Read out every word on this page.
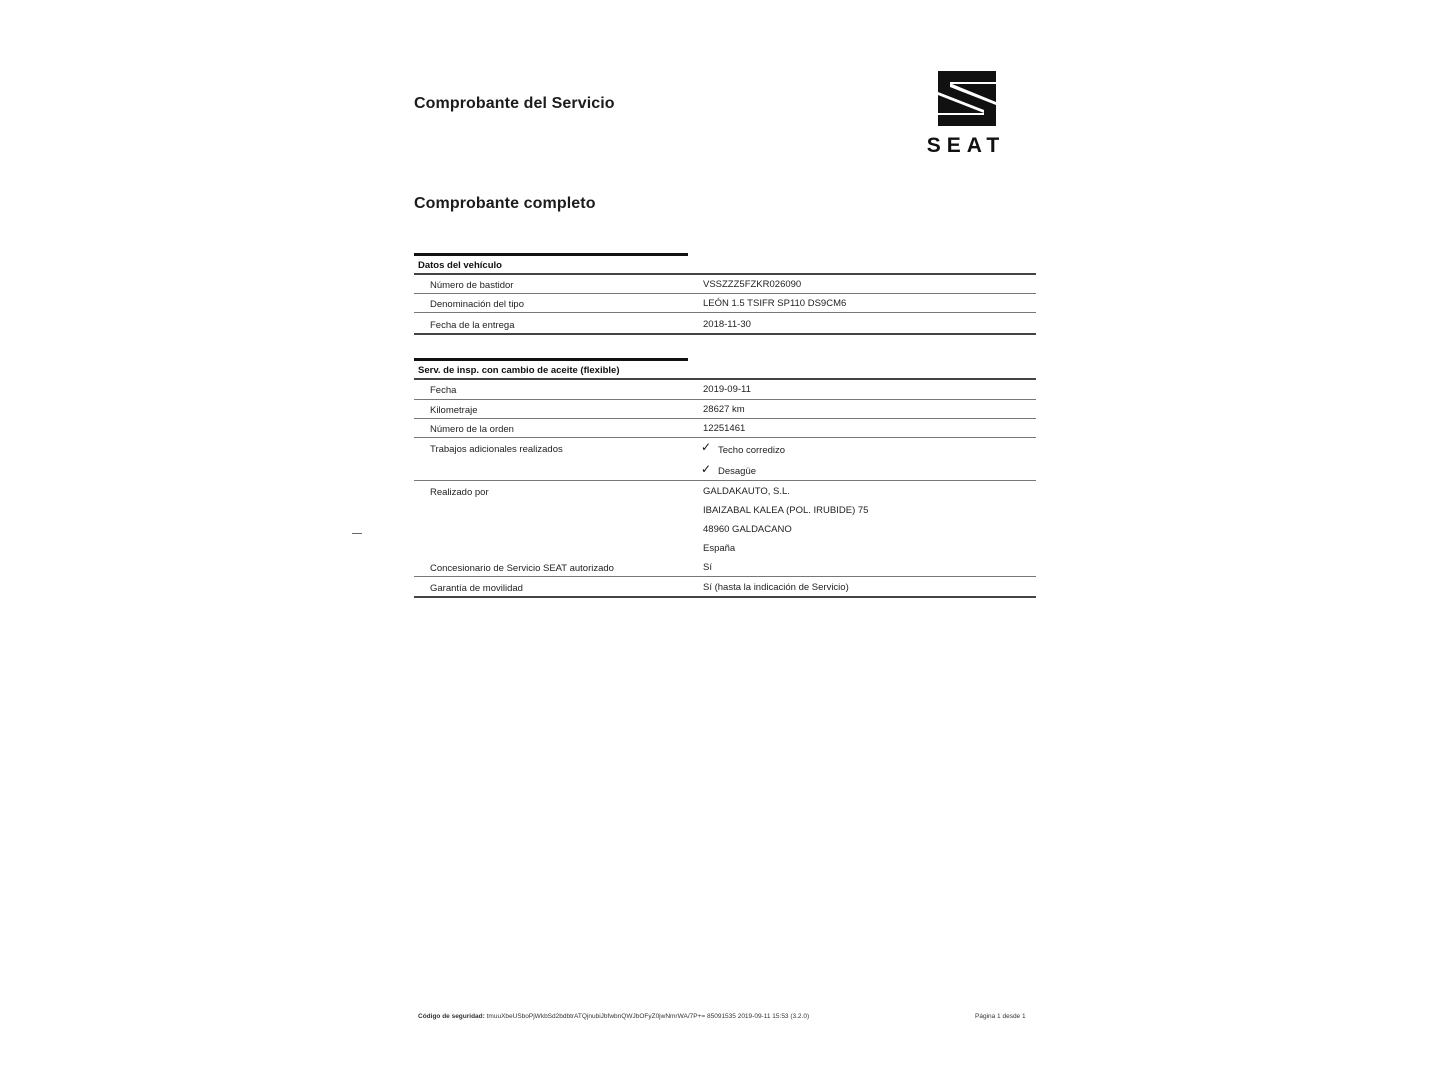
Comprobante del Servicio
SEAT
Comprobante completo
Datos del vehículo
Número de bastidor	VSSZZZ5FZKR026090
Denominación del tipo	LEÓN 1.5 TSIFR SP110 DS9CM6
Fecha de la entrega	2018-11-30
Serv. de insp. con cambio de aceite (flexible)
Fecha	2019-09-11
Kilometraje	28627 km
Número de la orden	12251461
Trabajos adicionales realizados	✓ Techo corredizo
✓ Desagüe
Realizado por	GALDAKAUTO, S.L.
IBAIZABAL KALEA (POL. IRUBIDE) 75
48960 GALDACANO
España
Concesionario de Servicio SEAT autorizado	Sí
Garantía de movilidad	Sí (hasta la indicación de Servicio)
Código de seguridad: tmuuXbeUSboPjWkbSd2bdbtrATQjnubiJbfwbnQWJbOFyZ0jwNmrWA/7P+= 85091535 2019-09-11 15:53 (3.2.0)	Página 1 desde 1
